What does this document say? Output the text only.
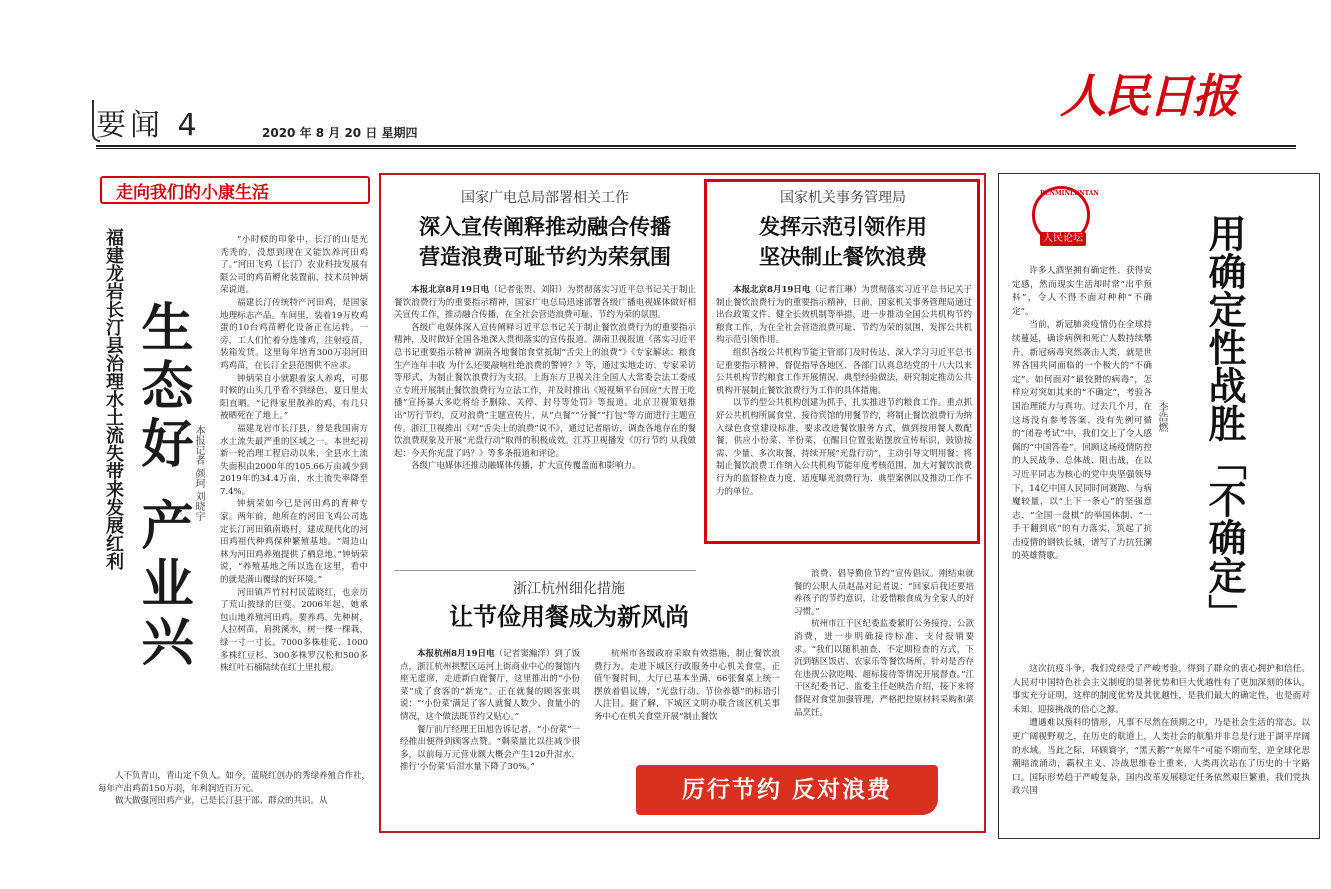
要闻 4	2020 年 8 月 20 日 星期四
人民日报
走向我们的小康生活
福建龙岩长汀县治理水土流失带来发展红利 生态好 产业兴 本报记者 颜珂 刘晓宇

“小时候的印象中，长汀的山是光秃秃的，没想到现在又能饮养河田鸡了。”河田飞鸡（长汀）农业科技发展有限公司的鸡苗孵化装置前，技术员钟炳荣说道。

福建长汀传统特产河田鸡，是国家地理标志产品。车间里，装着19万枚鸡蛋的10台鸡苗孵化设备正在运转。一旁，工人们忙着分选雏鸡，注射疫苗，装箱发货。这里每年培育300万羽河田鸡鸡苗，在长汀全县范围供不应求。

钟炳荣自小就跟着家人养鸡，可那时候的山头几乎看不到绿色，夏日里太阳直晒。“记得家里散养的鸡，有几只被晒死在了地上。”

福建龙岩市长汀县，曾是我国南方水土流失最严重的区域之一。本世纪初新一轮治理工程启动以来，全县水土流失面积由2000年的105.66万亩减少到2019年的34.4万亩，水土流失率降至7.4%。

钟炳荣如今已是河田鸡的育种专家。两年前，他所在的河田飞鸡公司选定长汀河田镇南塅村，建成现代化的河田鸡祖代种鸡保种繁殖基地。“周边山林为河田鸡养殖提供了栖息地。”钟炳荣说，“养殖基地之所以选在这里，看中的就是满山覆绿的好环境。”

河田镇芦竹村村民蓝晓红，也亲历了荒山披绿的巨变。2006年起，她承包山地养殖河田鸡。要养鸡，先种树，人拉树苗，肩挑溪水，树一棵一棵栽，绿一寸一寸长。7000多株桂花、1000多株红豆杉、300多株罗汉松和500多株红叶石楠陆续在红土里扎根。

人不负青山，青山定不负人。如今，蓝晓红创办的秀绿养殖合作社，每年产出鸡苗150万羽，年利润近百万元。

做大做强河田鸡产业，已是长汀县干部、群众的共识。从

国家广电总局部署相关工作
深入宣传阐释推动融合传播
营造浪费可耻节约为荣氛围

本报北京8月19日电（记者张贺、刘阳）为贯彻落实习近平总书记关于制止餐饮浪费行为的重要指示精神，国家广电总局迅速部署各级广播电视媒体做好相关宣传工作，推动融合传播，在全社会营造浪费可耻、节约为荣的氛围。

各级广电媒体深入宣传阐释习近平总书记关于制止餐饮浪费行为的重要指示精神，及时做好全国各地深入贯彻落实的宣传报道。湖南卫视报道《落实习近平总书记重要指示精神 湖南各地餐馆食堂抵制“舌尖上的浪费”》《专家解读：粮食生产连年丰收 为什么还要敲响杜绝浪费的警钟？》等，通过实地走访、专家采访等形式，为制止餐饮浪费行为支招。上海东方卫视关注全国人大常委会法工委成立专班开展制止餐饮浪费行为立法工作，并及时推出《短视频平台回应“大胃王吃播”宣扬暴大多吃将给予删除、关停、封号等处罚》等报道。北京卫视策划推出“厉行节约，反对浪费”主题宣传片，从“点餐”“分餐”“打包”等方面进行主题宣传。浙江卫视推出《对“舌尖上的浪费”说不》，通过记者暗访，调查各地存在的餐饮浪费现象及开展“光盘行动”取得的积极成效。江苏卫视播发《厉行节约 从我做起：今天你光盘了吗？》等多条报道和评论。

各级广电媒体还推动融媒体传播，扩大宣传覆盖面和影响力。

国家机关事务管理局
发挥示范引领作用
坚决制止餐饮浪费

本报北京8月19日电（记者江琳）为贯彻落实习近平总书记关于制止餐饮浪费行为的重要指示精神，日前，国家机关事务管理局通过出台政策文件、健全长效机制等举措，进一步推动全国公共机构节约粮食工作，为在全社会营造浪费可耻、节约为荣的氛围，发挥公共机构示范引领作用。

组织各级公共机构节能主管部门及时传达、深入学习习近平总书记重要指示精神，督促指导各地区、各部门认真总结党的十八大以来公共机构节约粮食工作开展情况、典型经验做法，研究制定推动公共机构开展制止餐饮浪费行为工作的具体措施。

以节约型公共机构创建为抓手，扎实推进节约粮食工作。重点抓好公共机构所属食堂、接待宾馆的用餐节约，将制止餐饮浪费行为纳入绿色食堂建设标准，要求改进餐饮服务方式，做到按用餐人数配餐，供应小份菜、半份菜，在醒目位置张贴摆放宣传标识，鼓励按需、少量、多次取餐，持续开展“光盘行动”，主动引导文明用餐；将制止餐饮浪费工作纳入公共机构节能年度考核范围，加大对餐饮浪费行为的监督检查力度，适度曝光浪费行为、典型案例以及推动工作不力的单位。

浙江杭州细化措施
让节俭用餐成为新风尚

本报杭州8月19日电（记者窦瀚洋）到了饭点，浙江杭州拱墅区运河上街商业中心的餐馆内座无虚席，走进新白鹿餐厅，这里推出的“小份菜”成了食客的“新宠”。正在就餐的顾客张琪说：“‘小份菜’满足了客人就餐人数少、食量小的情况，这个做法既节约又贴心。”

餐厅前厅经理王田旭告诉记者，“小份菜”一经推出便得到顾客点赞。“剩菜量比以往减少很多，以前每万元营业额大概会产生120升泔水，推行‘小份菜’后泔水量下降了30%。”

杭州市各级政府采取有效措施，制止餐饮浪费行为。走进下城区行政服务中心机关食堂，正值午餐时间，大厅已基本坐满，66张餐桌上统一摆放着倡议牌，“光盘行动、节俭养德”的标语引人注目。据了解，下城区文明办联合该区机关事务中心在机关食堂开展“制止餐饮

浪费、倡导勤俭节约”宣传倡议。刚结束就餐的公职人员赵晶对记者说：“回家后我还要培养孩子的节约意识，让爱惜粮食成为全家人的好习惯。”

杭州市江干区纪委监委紧盯公务接待、公款消费，进一步明确接待标准、支付报销要求。“我们以随机抽查、不定期检查的方式，下沉到辖区饭店、农家乐等餐饮场所，针对是否存在违规公款吃喝、超标接待等情况开展督查。”江干区纪委书记、监委主任赵映浩介绍，接下来将督促对食堂加强管理，严格把控原材料采购和菜品烹饪。

厉行节约 反对浪费
RENMINLUNTAN
人民论坛	用确定性战胜「不确定」
李浩燃

许多人酒坚拥有确定性、获得安定感，然而现实生活却时常“出乎预料”，令人不得不面对种种“不确定”。

当前，新冠肺炎疫情仍在全球持续蔓延，确诊病例和死亡人数持续攀升，新冠病毒突然袭击人类，就是世界各国共同面临的一个极大的“不确定”。如何面对“最狡猾的病毒”，怎样应对突如其来的“不确定”，考验各国治理能力与真功。过去几个月，在这场没有参考答案、没有先例可循的“闭卷考试”中，我们交上了令人感佩的“中国答卷”。回顾这场疫情防控的人民战争、总体战、阻击战，在以习近平同志为核心的党中央坚强领导下，14亿中国人民同时间赛跑、与病魔较量，以“上下一条心”的坚强意志、“全国一盘棋”的举国体制、“一手干翻到底”的有力落实，筑起了抗击疫情的钢铁长城，谱写了力抗狂澜的英雄赞歌。

这次抗疫斗争，我们党经受了严峻考验，得到了群众的衷心拥护和信任。人民对中国特色社会主义制度的显著优势和巨大优越性有了更加深刻的体认。事实充分证明，这样的制度优势及其优越性，是我们最大的确定性，也是面对未知、迎接挑战的信心之源。

遭遇难以预料的情形，凡事不尽然在预期之中，乃是社会生活的常态。以更广阔视野观之，在历史的航道上，人类社会的航船并非总是行进于湖平岸阔的水域。当此之际，环顾寰宇，“黑天鹅”“灰犀牛”可能不期而至，逆全球化思潮暗流涌动，霸权主义、冷战思维卷土重来，人类再次站在了历史的十字路口。国际形势趋于严峻复杂，国内改革发展稳定任务依然艰巨繁重，我们党执政兴国
